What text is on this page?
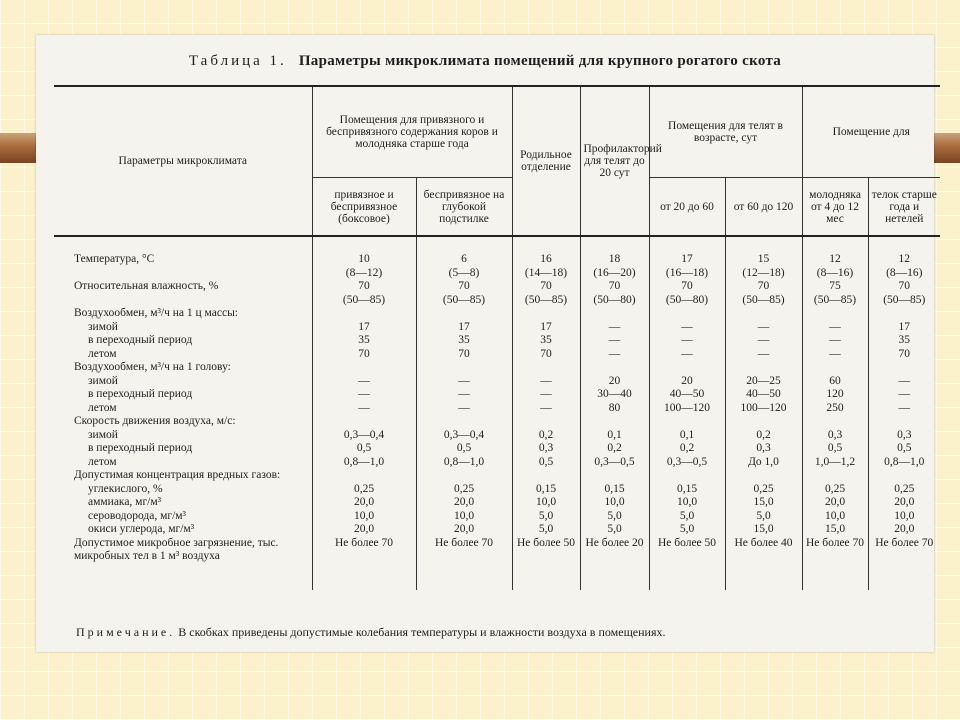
Таблица 1. Параметры микроклимата помещений для крупного рогатого скота
Параметры микроклимата	Помещения для привязного и беспривязного содержания коров и молодняка старше года		Родильное отделение	Профилакторий для телят до 20 сут	Помещения для телят в возрасте, сут		Помещение для	
	привязное и беспривязное (боксовое)	беспривязное на глубокой подстилке			от 20 до 60	от 60 до 120	молодняка от 4 до 12 мес	телок старше года и нетелей

Температура, °С	10	6	16	18	17	15	12	12
	(8—12)	(5—8)	(14—18)	(16—20)	(16—18)	(12—18)	(8—16)	(8—16)
Относительная влажность, %	70	70	70	70	70	70	75	70
	(50—85)	(50—85)	(50—85)	(50—80)	(50—80)	(50—85)	(50—85)	(50—85)
Воздухообмен, м³/ч на 1 ц массы:								
зимой	17	17	17	—	—	—	—	17
в переходный период	35	35	35	—	—	—	—	35
летом	70	70	70	—	—	—	—	70
Воздухообмен, м³/ч на 1 голову:								
зимой	—	—	—	20	20	20—25	60	—
в переходный период	—	—	—	30—40	40—50	40—50	120	—
летом	—	—	—	80	100—120	100—120	250	—
Скорость движения воздуха, м/с:								
зимой	0,3—0,4	0,3—0,4	0,2	0,1	0,1	0,2	0,3	0,3
в переходный период	0,5	0,5	0,3	0,2	0,2	0,3	0,5	0,5
летом	0,8—1,0	0,8—1,0	0,5	0,3—0,5	0,3—0,5	До 1,0	1,0—1,2	0,8—1,0
Допустимая концентрация вредных газов:								
углекислого, %	0,25	0,25	0,15	0,15	0,15	0,25	0,25	0,25
аммиака, мг/м³	20,0	20,0	10,0	10,0	10,0	15,0	20,0	20,0
сероводорода, мг/м³	10,0	10,0	5,0	5,0	5,0	5,0	10,0	10,0
окиси углерода, мг/м³	20,0	20,0	5,0	5,0	5,0	15,0	15,0	20,0
Допустимое микробное загрязнение, тыс. микробных тел в 1 м³ воздуха	Не более 70	Не более 70	Не более 50	Не более 20	Не более 50	Не более 40	Не более 70	Не более 70

Примечание. В скобках приведены допустимые колебания температуры и влажности воздуха в помещениях.
